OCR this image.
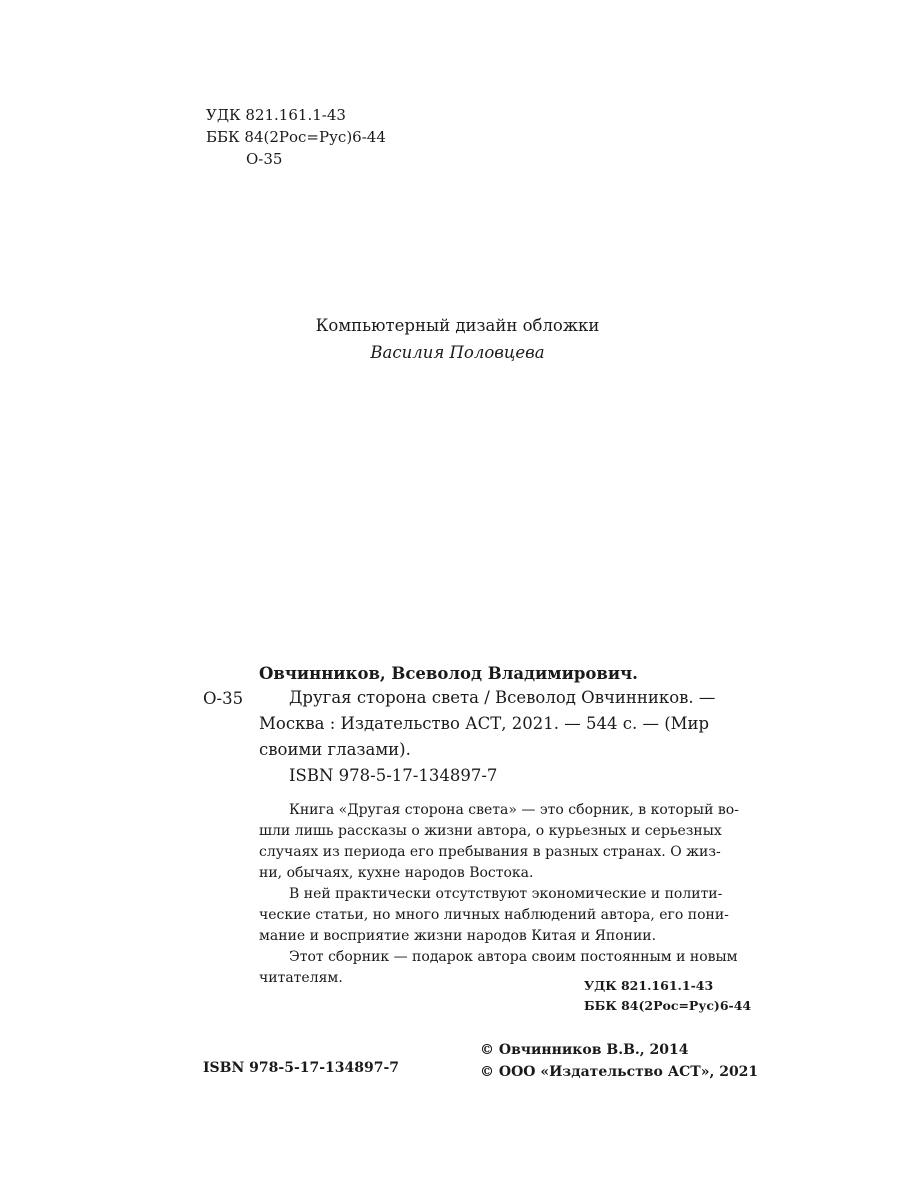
УДК 821.161.1-43
ББК 84(2Рос=Рус)6-44
О-35
Компьютерный дизайн обложки
Василия Половцева
Овчинников, Всеволод Владимирович.
О-35	Другая сторона света / Всеволод Овчинников. —
Москва : Издательство АСТ, 2021. — 544 с. — (Мир
своими глазами).
ISBN 978-5-17-134897-7
Книга «Другая сторона света» — это сборник, в который во-
шли лишь рассказы о жизни автора, о курьезных и серьезных
случаях из периода его пребывания в разных странах. О жиз-
ни, обычаях, кухне народов Востока.
В ней практически отсутствуют экономические и полити-
ческие статьи, но много личных наблюдений автора, его пони-
мание и восприятие жизни народов Китая и Японии.
Этот сборник — подарок автора своим постоянным и новым
читателям.	УДК 821.161.1-43
ББК 84(2Рос=Рус)6-44
ISBN 978-5-17-134897-7
© Овчинников В.В., 2014
© ООО «Издательство АСТ», 2021
